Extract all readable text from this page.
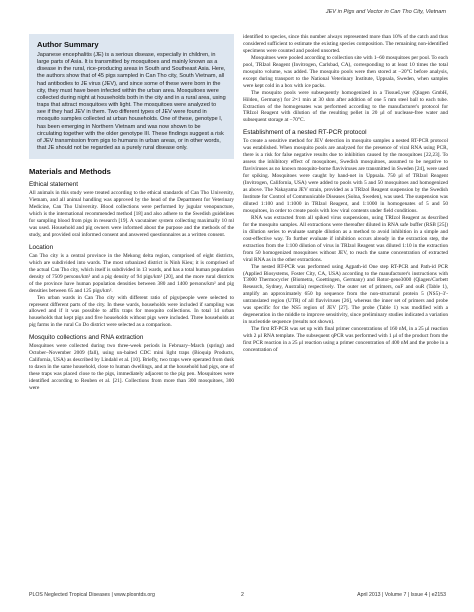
JEV in Pigs and Vector in Can Tho City, Vietnam
Author Summary

Japanese encephalitis (JE) is a serious disease, especially in children, in large parts of Asia. It is transmitted by mosquitoes and mainly known as a disease in the rural, rice-producing areas in South and Southeast Asia. Here, the authors show that of 45 pigs sampled in Can Tho city, South Vietnam, all had antibodies to JE virus (JEV), and since some of these were born in the city, they must have been infected within the urban area. Mosquitoes were collected during night at households both in the city and in a rural area, using traps that attract mosquitoes with light. The mosquitoes were analyzed to see if they had JEV in them. Two different types of JEV were found in mosquito samples collected at urban households. One of these, genotype I, has been emerging in Northern Vietnam and was now shown to be circulating together with the older genotype III. These findings suggest a risk of JEV transmission from pigs to humans in urban areas, or in other words, that JE should not be regarded as a purely rural disease only.

Materials and Methods
Ethical statement

All animals in this study were treated according to the ethical standards of Can Tho University, Vietnam, and all animal handling was approved by the head of the Department for Veterinary Medicine, Can Tho University. Blood collections were performed by jugular venopuncture, which is the international recommended method [18] and also adhere to the Swedish guidelines for sampling blood from pigs in research [19]. A vacutainer system collecting maximally 10 ml was used. Household and pig owners were informed about the purpose and the methods of the study, and provided oral informed consent and answered questionnaires as a written consent.

Location

Can Tho city is a central province in the Mekong delta region, comprised of eight districts, which are subdivided into wards. The most urbanized district is Ninh Kieu; it is comprised of the actual Can Tho city, which itself is subdivided in 13 wards, and has a total human population density of 7509 persons/km² and a pig density of 94 pigs/km² [20], and the more rural districts of the province have human population densities between 380 and 1400 persons/km² and pig densities between 65 and 125 pigs/km².

Ten urban wards in Can Tho city with different ratio of pigs/people were selected to represent different parts of the city. In these wards, households were included if sampling was allowed and if it was possible to affix traps for mosquito collections. In total 14 urban households that kept pigs and five households without pigs were included. Three households at pig farms in the rural Co Do district were selected as a comparison.

Mosquito collections and RNA extraction

Mosquitoes were collected during two three-week periods in February–March (spring) and October–November 2009 (fall), using un-baited CDC mini light traps (Bioquip Products, California, USA) as described by Lindahl et al. [10]. Briefly, two traps were operated from dusk to dawn in the same household, close to human dwellings, and at the household had pigs, one of these traps was placed close to the pigs, immediately adjacent to the pig pen. Mosquitoes were identified according to Reuben et al. [21]. Collections from more than 300 mosquitoes, 300 were

identified to species, since this number always represented more than 10% of the catch and thus considered sufficient to estimate the existing species composition. The remaining non-identified specimens were counted and pooled unsorted.

Mosquitoes were pooled according to collection site with 1–60 mosquitoes per pool. To each pool, TRIzol Reagent (Invitrogen, Carlsbad, CA), corresponding to at least 10 times the total mosquito volume, was added. The mosquito pools were then stored at −20°C before analysis, except during transport to the National Veterinary Institute, Uppsala, Sweden, when samples were kept cold in a box with ice packs.

The mosquito pools were subsequently homogenized in a TissueLyser (Qiagen GmbH, Hilden, Germany) for 2×1 min at 30 shm after addition of one 5 mm steel ball to each tube. Extraction of the homogenates was performed according to the manufacturer's protocol for TRIzol Reagent with dilution of the resulting pellet in 20 μl of nuclease-free water and subsequent storage at −70°C.

Establishment of a nested RT-PCR protocol

To create a sensitive method for JEV detection in mosquito samples a nested RT-PCR protocol was established. When mosquito pools are analyzed for the presence of viral RNA using PCR, there is a risk for false negative results due to inhibition caused by the mosquitoes [22,23]. To assess the inhibitory effect of mosquitoes, Swedish mosquitoes, assumed to be negative to flaviviruses as no known mosquito-borne flaviviruses are transmitted in Sweden [24], were used for spiking. Mosquitoes were caught by hand-net in Uppsala. 750 μl of TRIzol Reagent (Invitrogen, California, USA) were added to pools with 5 and 50 mosquitoes and homogenized as above. The Nakayama JEV strain, provided as a TRIzol Reagent suspension by the Swedish Institute for Control of Communicable Diseases (Solna, Sweden), was used. The suspension was diluted 1:100 and 1:1000 in TRIzol Reagent, and 1:1000 in homogenates of 5 and 50 mosquitoes, in order to create pools with low viral contents under field conditions.

RNA was extracted from all spiked virus suspensions, using TRIzol Reagent as described for the mosquito samples. All extractions were thereafter diluted in RNA safe buffer (RSB [25]) in dilution series to evaluate sample dilution as a method to avoid inhibition in a simple and cost-effective way. To further evaluate if inhibition occurs already in the extraction step, the extraction from the 1:100 dilution of virus in TRIzol Reagent was diluted 1:10 in the extraction from 50 homogenized mosquitoes without JEV, to reach the same concentration of extracted viral RNA as in the other extractions.

The nested RT-PCR was performed using Agpath-id One step RT-PCR and Path-id PCR (Applied Biosystems, Foster City, CA, USA) according to the manufacturer's instructions with T3000 Thermocycler (Biometra, Goettingen, Germany) and Rotor-gene3000 (Qiagen/Corbett Research, Sydney, Australia) respectively. The outer set of primers, ouF and ouR (Table 1), amplify an approximately 650 bp sequence from the non-structural protein 5 (NS5)–3'-untranslated region (UTR) of all flaviviruses [26], whereas the inner set of primers and probe was specific for the NS5 region of JEV [27]. The probe (Table 1) was modified with a degeneration in the middle to improve sensitivity, since preliminary studies indicated a variation in nucleotide sequence (results not shown).

The first RT-PCR was set up with final primer concentrations of 160 nM, in a 25 μl reaction with 2 μl RNA template. The subsequent qPCR was performed with 1 μl of the product from the first PCR reaction in a 25 μl reaction using a primer concentration of 400 nM and the probe in a concentration of

PLOS Neglected Tropical Diseases | www.plosntds.org	2	April 2013 | Volume 7 | Issue 4 | e2153
